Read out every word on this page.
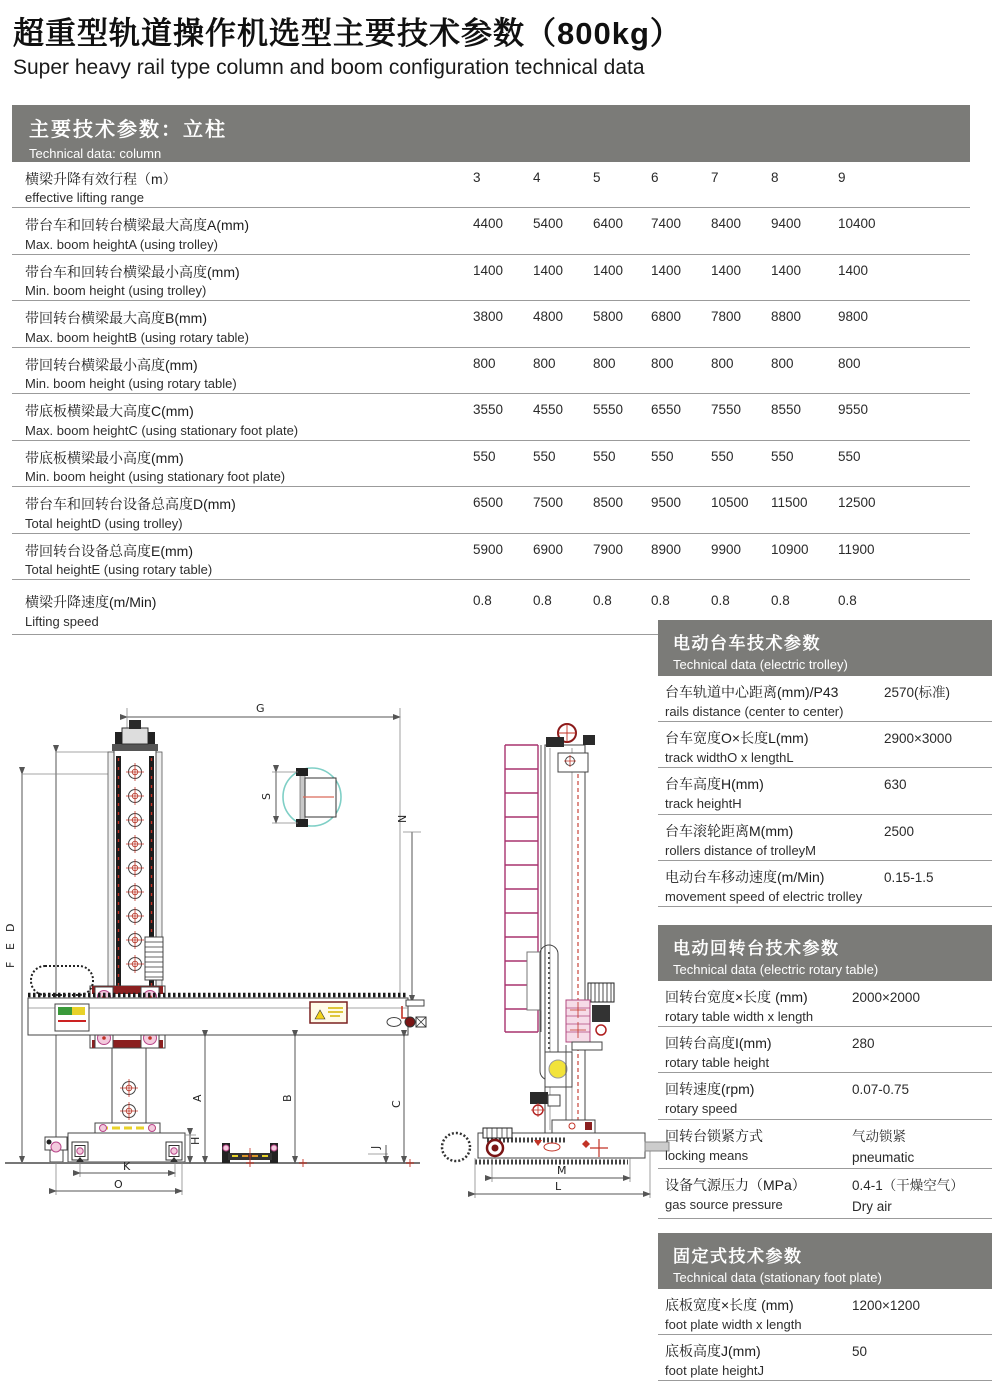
超重型轨道操作机选型主要技术参数（800kg）
Super heavy rail type column and boom configuration technical data
主要技术参数：立柱
Technical data: column
横梁升降有效行程（m）
effective lifting range
3	4	5	6	7	8	9
带台车和回转台横梁最大高度A(mm)
Max. boom heightA (using trolley)
4400	5400	6400	7400	8400	9400	10400
带台车和回转台横梁最小高度(mm)
Min. boom height (using trolley)
1400	1400	1400	1400	1400	1400	1400
带回转台横梁最大高度B(mm)
Max. boom heightB (using rotary table)
3800	4800	5800	6800	7800	8800	9800
带回转台横梁最小高度(mm)
Min. boom height (using rotary table)
800	800	800	800	800	800	800
带底板横梁最大高度C(mm)
Max. boom heightC (using stationary foot plate)
3550	4550	5550	6550	7550	8550	9550
带底板横梁最小高度(mm)
Min. boom height (using stationary foot plate)
550	550	550	550	550	550	550
带台车和回转台设备总高度D(mm)
Total heightD (using trolley)
6500	7500	8500	9500	10500	11500	12500
带回转台设备总高度E(mm)
Total heightE (using rotary table)
5900	6900	7900	8900	9900	10900	11900
横梁升降速度(m/Min)
Lifting speed
0.8	0.8	0.8	0.8	0.8	0.8	0.8
电动台车技术参数
Technical data (electric trolley)
台车轨道中心距离(mm)/P43
rails distance (center to center)
2570(标准)
台车宽度O×长度L(mm)
track widthO x lengthL
2900×3000
台车高度H(mm)
track heightH
630
台车滚轮距离M(mm)
rollers distance of trolleyM
2500
电动台车移动速度(m/Min)
movement speed of electric trolley
0.15-1.5
电动回转台技术参数
Technical data (electric rotary table)
回转台宽度×长度 (mm)
rotary table width x length
2000×2000
回转台高度I(mm)
rotary table height
280
回转速度(rpm)
rotary speed
0.07-0.75
回转台锁紧方式
locking means
气动锁紧
pneumatic
设备气源压力（MPa）
gas source pressure
0.4-1（干燥空气）
Dry air
固定式技术参数
Technical data (stationary foot plate)
底板宽度×长度 (mm)
foot plate width x length
1200×1200
底板高度J(mm)
foot plate heightJ
50
G
D
E
F
N
H
K
O
A	B
C
J
S
M
L
